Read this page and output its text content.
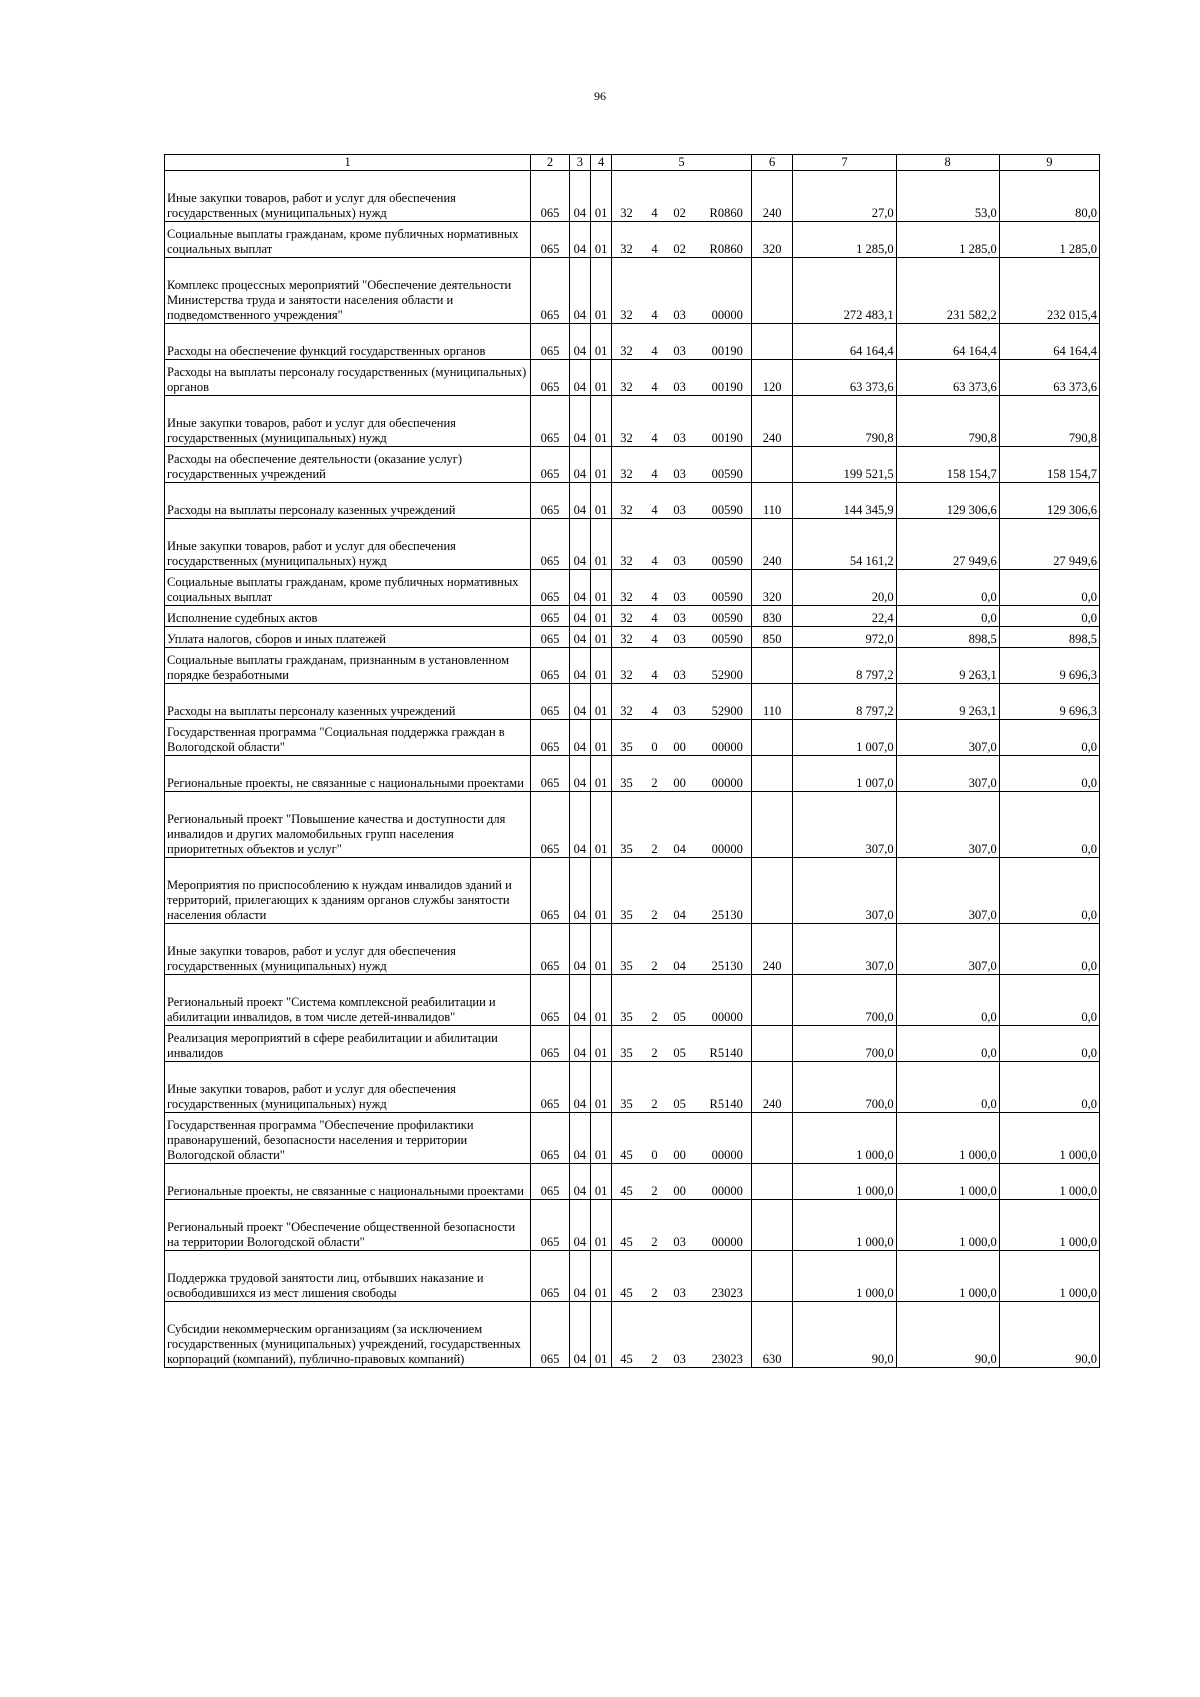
96
1	2	3	4	5	6	7	8	9
Иные закупки товаров, работ и услуг для обеспечения государственных (муниципальных) нужд	065	04	01	32 4 02 R0860	240	27,0	53,0	80,0
Социальные выплаты гражданам, кроме публичных нормативных социальных выплат	065	04	01	32 4 02 R0860	320	1 285,0	1 285,0	1 285,0
Комплекс процессных мероприятий "Обеспечение деятельности Министерства труда и занятости населения области и подведомственного учреждения"	065	04	01	32 4 03 00000		272 483,1	231 582,2	232 015,4
Расходы на обеспечение функций государственных органов	065	04	01	32 4 03 00190		64 164,4	64 164,4	64 164,4
Расходы на выплаты персоналу государственных (муниципальных) органов	065	04	01	32 4 03 00190	120	63 373,6	63 373,6	63 373,6
Иные закупки товаров, работ и услуг для обеспечения государственных (муниципальных) нужд	065	04	01	32 4 03 00190	240	790,8	790,8	790,8
Расходы на обеспечение деятельности (оказание услуг) государственных учреждений	065	04	01	32 4 03 00590		199 521,5	158 154,7	158 154,7
Расходы на выплаты персоналу казенных учреждений	065	04	01	32 4 03 00590	110	144 345,9	129 306,6	129 306,6
Иные закупки товаров, работ и услуг для обеспечения государственных (муниципальных) нужд	065	04	01	32 4 03 00590	240	54 161,2	27 949,6	27 949,6
Социальные выплаты гражданам, кроме публичных нормативных социальных выплат	065	04	01	32 4 03 00590	320	20,0	0,0	0,0
Исполнение судебных актов	065	04	01	32 4 03 00590	830	22,4	0,0	0,0
Уплата налогов, сборов и иных платежей	065	04	01	32 4 03 00590	850	972,0	898,5	898,5
Социальные выплаты гражданам, признанным в установленном порядке безработными	065	04	01	32 4 03 52900		8 797,2	9 263,1	9 696,3
Расходы на выплаты персоналу казенных учреждений	065	04	01	32 4 03 52900	110	8 797,2	9 263,1	9 696,3
Государственная программа "Социальная поддержка граждан в Вологодской области"	065	04	01	35 0 00 00000		1 007,0	307,0	0,0
Региональные проекты, не связанные с национальными проектами	065	04	01	35 2 00 00000		1 007,0	307,0	0,0
Региональный проект "Повышение качества и доступности для инвалидов и других маломобильных групп населения приоритетных объектов и услуг"	065	04	01	35 2 04 00000		307,0	307,0	0,0
Мероприятия по приспособлению к нуждам инвалидов зданий и территорий, прилегающих к зданиям органов службы занятости населения области	065	04	01	35 2 04 25130		307,0	307,0	0,0
Иные закупки товаров, работ и услуг для обеспечения государственных (муниципальных) нужд	065	04	01	35 2 04 25130	240	307,0	307,0	0,0
Региональный проект "Система комплексной реабилитации и абилитации инвалидов, в том числе детей-инвалидов"	065	04	01	35 2 05 00000		700,0	0,0	0,0
Реализация мероприятий в сфере реабилитации и абилитации инвалидов	065	04	01	35 2 05 R5140		700,0	0,0	0,0
Иные закупки товаров, работ и услуг для обеспечения государственных (муниципальных) нужд	065	04	01	35 2 05 R5140	240	700,0	0,0	0,0
Государственная программа "Обеспечение профилактики правонарушений, безопасности населения и территории Вологодской области"	065	04	01	45 0 00 00000		1 000,0	1 000,0	1 000,0
Региональные проекты, не связанные с национальными проектами	065	04	01	45 2 00 00000		1 000,0	1 000,0	1 000,0
Региональный проект "Обеспечение общественной безопасности на территории Вологодской области"	065	04	01	45 2 03 00000		1 000,0	1 000,0	1 000,0
Поддержка трудовой занятости лиц, отбывших наказание и освободившихся из мест лишения свободы	065	04	01	45 2 03 23023		1 000,0	1 000,0	1 000,0
Субсидии некоммерческим организациям (за исключением государственных (муниципальных) учреждений, государственных корпораций (компаний), публично-правовых компаний)	065	04	01	45 2 03 23023	630	90,0	90,0	90,0
